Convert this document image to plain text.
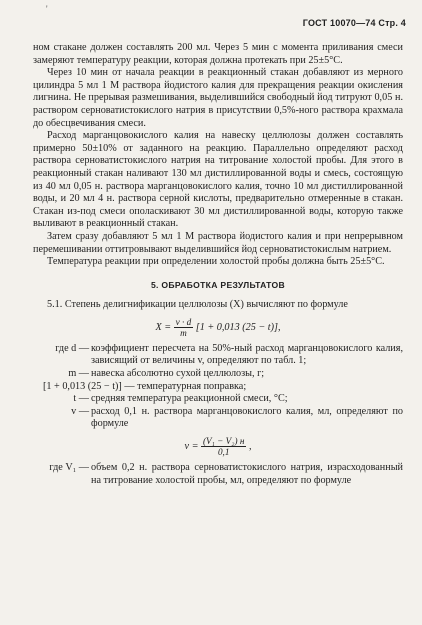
'
ГОСТ 10070—74 Стр. 4

ном стакане должен составлять 200 мл. Через 5 мин с момента приливания смеси замеряют температуру реакции, которая должна протекать при 25±5°С.

Через 10 мин от начала реакции в реакционный стакан добавляют из мерного цилиндра 5 мл 1 М раствора йодистого калия для прекращения реакции окисления лигнина. Не прерывая размешивания, выделившийся свободный йод титруют 0,05 н. раствором серноватистокислого натрия в присутствии 0,5%-ного раствора крахмала до обесцвечивания смеси.

Расход марганцовокислого калия на навеску целлюлозы должен составлять примерно 50±10% от заданного на реакцию. Параллельно определяют расход раствора серноватистокислого натрия на титрование холостой пробы. Для этого в реакционный стакан наливают 130 мл дистиллированной воды и смесь, состоящую из 40 мл 0,05 н. раствора марганцовокислого калия, точно 10 мл дистиллированной воды, и 20 мл 4 н. раствора серной кислоты, предварительно отмеренные в стакан. Стакан из-под смеси ополаскивают 30 мл дистиллированной воды, которую также выливают в реакционный стакан.

Затем сразу добавляют 5 мл 1 М раствора йодистого калия и при непрерывном перемешивании оттитровывают выделившийся йод серноватистокислым натрием.

Температура реакции при определении холостой пробы должна быть 25±5°С.

5. ОБРАБОТКА РЕЗУЛЬТАТОВ

5.1. Степень делигнификации целлюлозы (X) вычисляют по формуле

$X = \frac{v \cdot d}{m} [1 + 0,013$ (25 − t)],
где d — коэффициент пересчета на 50%-ный расход марганцовокислого калия, зависящий от величины v, определяют по табл. 1;
m — навеска абсолютно сухой целлюлозы, г;
[1 + 0,013 (25 − t)] — температурная поправка;
t — средняя температура реакционной смеси, °С;
v — расход 0,1 н. раствора марганцовокислого калия, мл, определяют по формуле
$v = \frac{\text{(V₁ − V₂) н}}{0,1}$ ,
где V₁ — объем 0,2 н. раствора серноватистокислого натрия, израсходованный на титрование холостой пробы, мл, определяют по формуле
